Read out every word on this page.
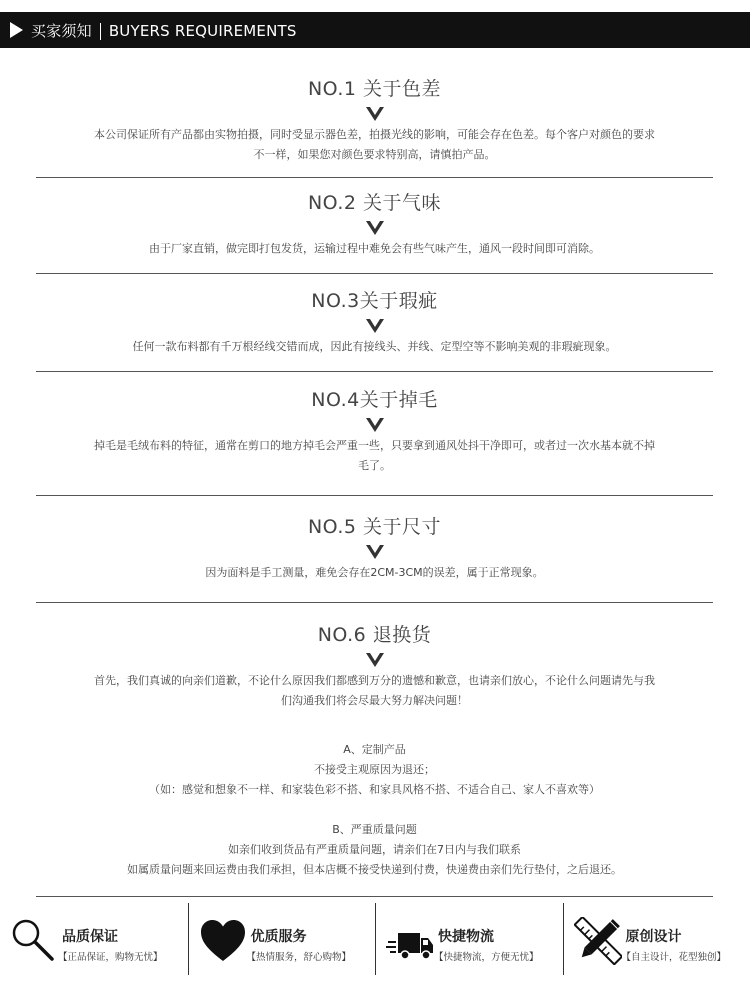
买家须知 BUYERS REQUIREMENTS
NO.1 关于色差
本公司保证所有产品都由实物拍摄，同时受显示器色差，拍摄光线的影响，可能会存在色差。每个客户对颜色的要求
不一样，如果您对颜色要求特别高，请慎拍产品。
NO.2 关于气味
由于厂家直销，做完即打包发货，运输过程中难免会有些气味产生，通风一段时间即可消除。
NO.3关于瑕疵
任何一款布料都有千万根经线交错而成，因此有接线头、并线、定型空等不影响美观的非瑕疵现象。
NO.4关于掉毛
掉毛是毛绒布料的特征，通常在剪口的地方掉毛会严重一些，只要拿到通风处抖干净即可，或者过一次水基本就不掉
毛了。
NO.5 关于尺寸
因为面料是手工测量，难免会存在2CM-3CM的误差，属于正常现象。
NO.6 退换货
首先，我们真诚的向亲们道歉，不论什么原因我们都感到万分的遗憾和歉意，也请亲们放心，不论什么问题请先与我
们沟通我们将会尽最大努力解决问题！
A、定制产品
不接受主观原因为退还；
（如：感觉和想象不一样、和家装色彩不搭、和家具风格不搭、不适合自己、家人不喜欢等）
B、严重质量问题
如亲们收到货品有严重质量问题，请亲们在7日内与我们联系
如属质量问题来回运费由我们承担，但本店概不接受快递到付费，快递费由亲们先行垫付，之后退还。
品质保证
【正品保证，购物无忧】
优质服务
【热情服务，舒心购物】
快捷物流
【快捷物流，方便无忧】
原创设计
【自主设计，花型独创】
